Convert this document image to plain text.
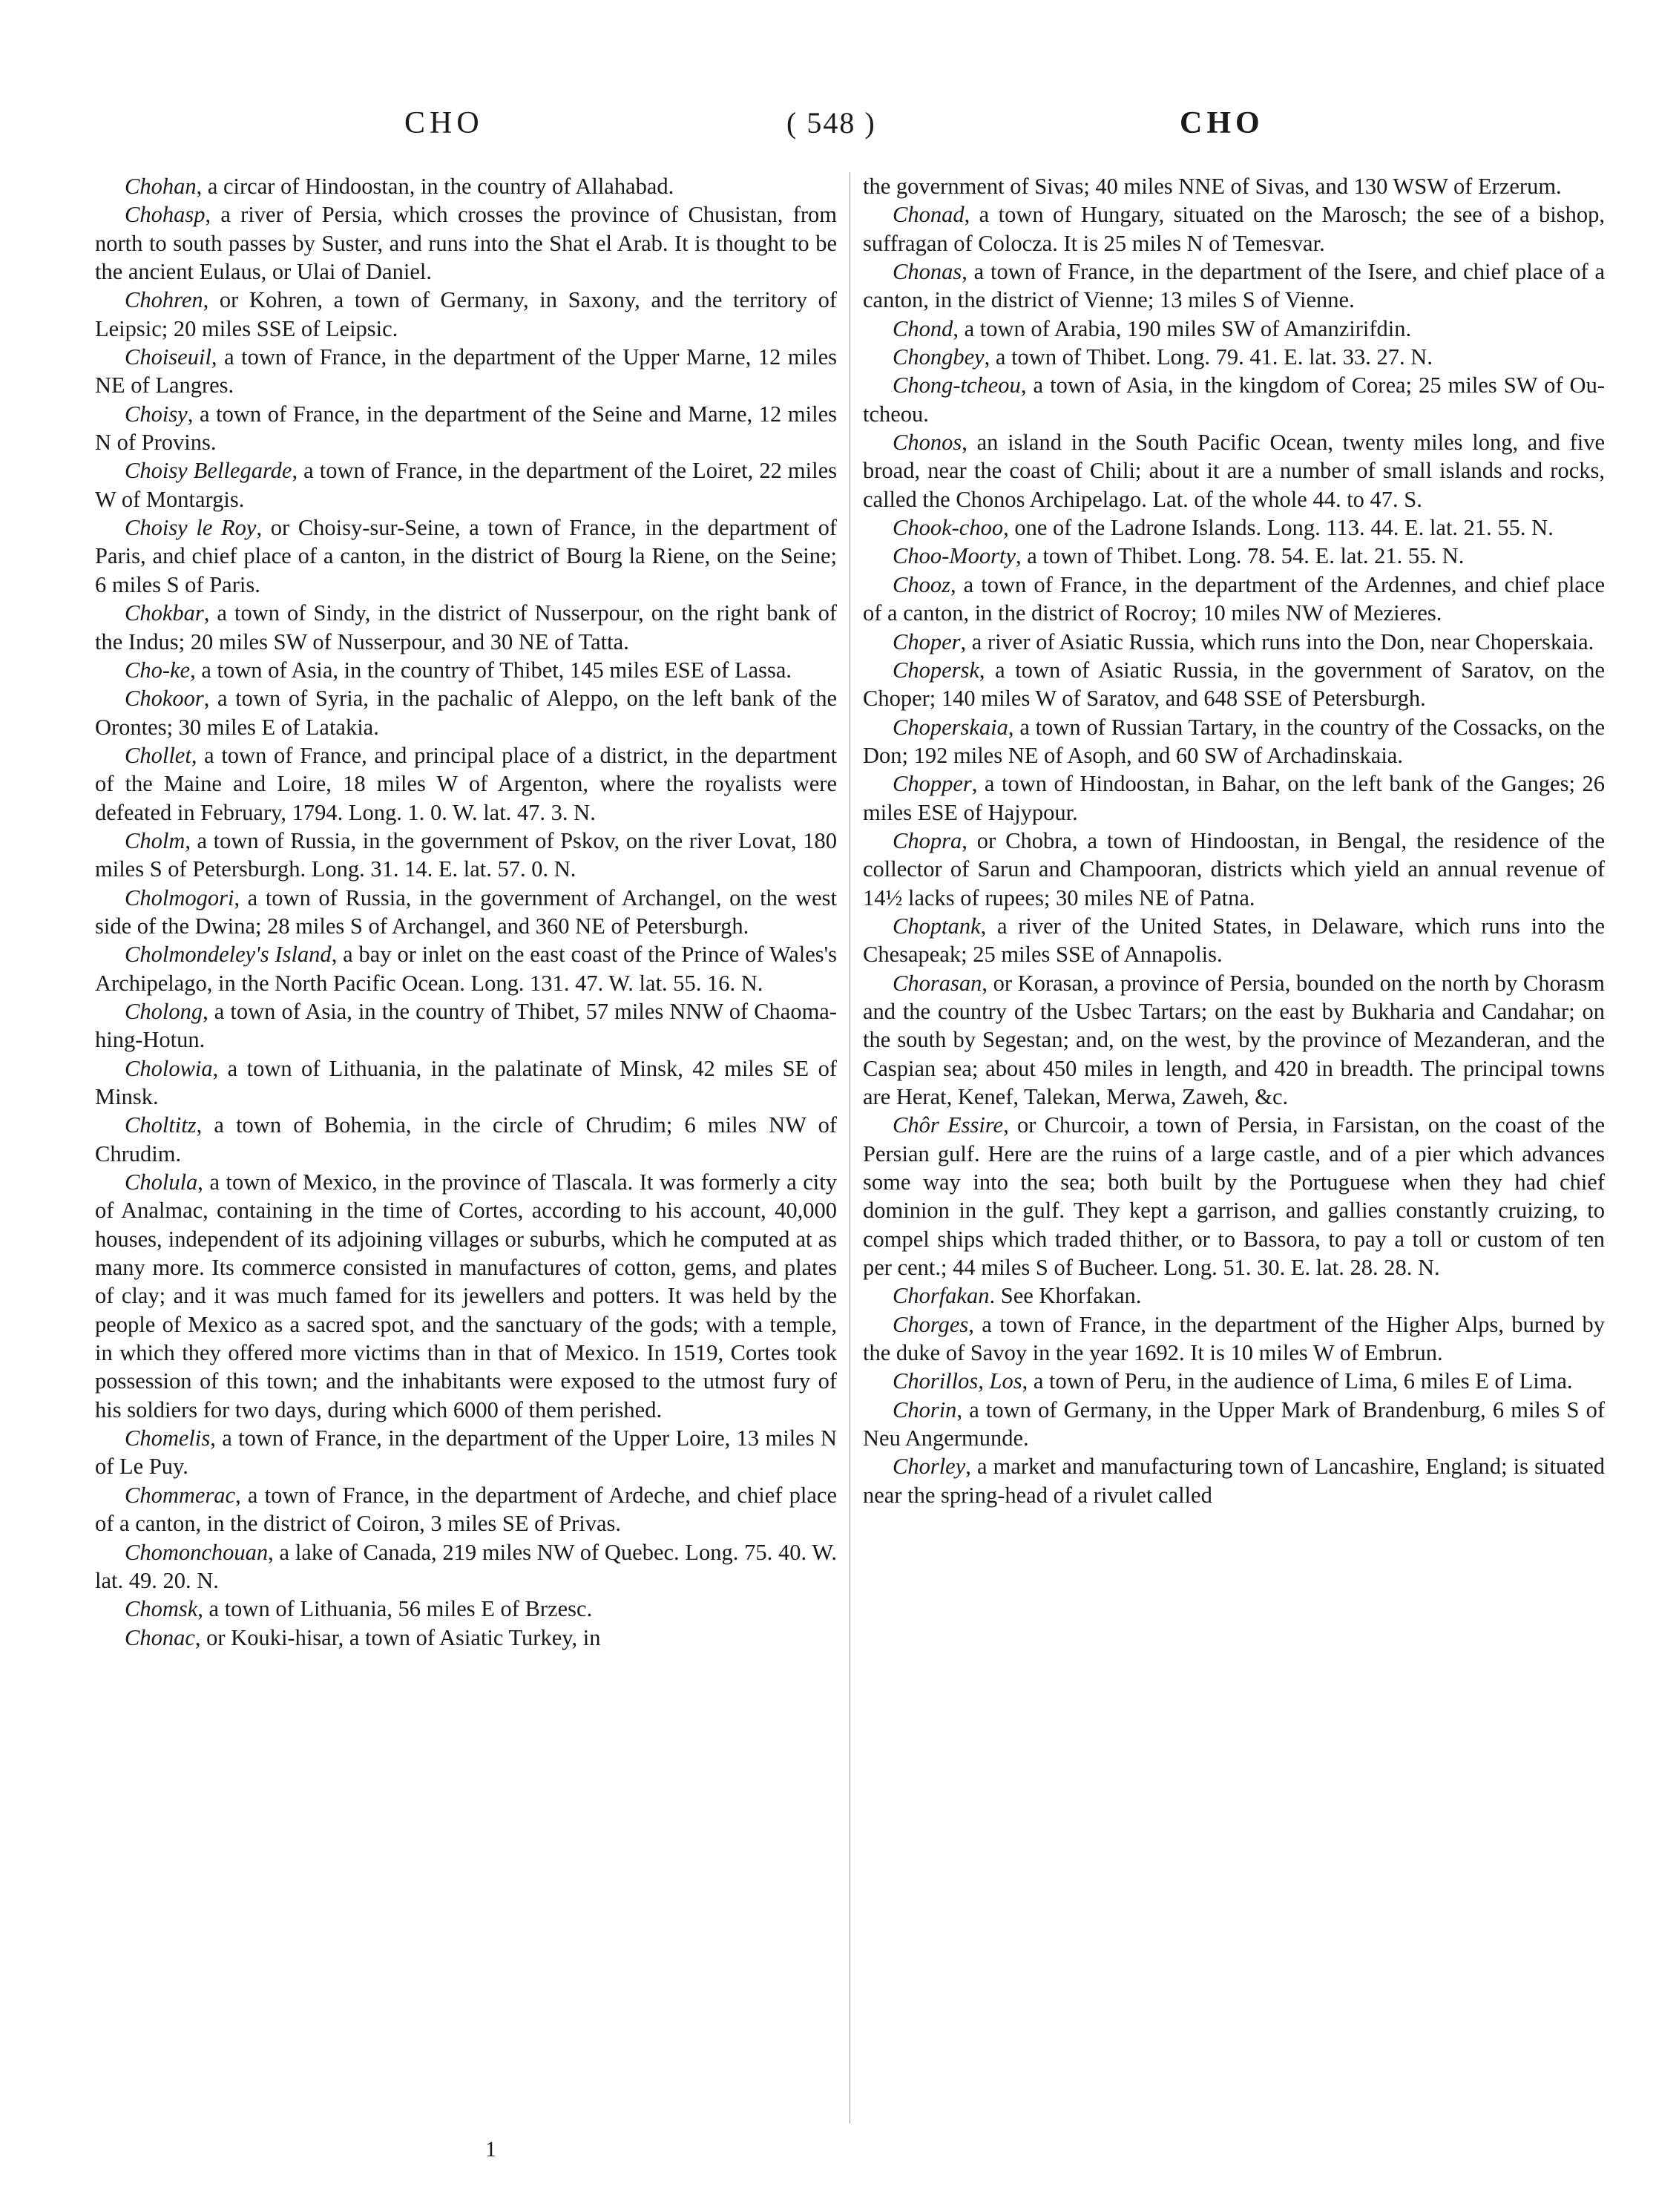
CHO	( 548 )	CHO

Chohan, a circar of Hindoostan, in the country of Allahabad.

Chohasp, a river of Persia, which crosses the province of Chusistan, from north to south passes by Suster, and runs into the Shat el Arab. It is thought to be the ancient Eulaus, or Ulai of Daniel.

Chohren, or Kohren, a town of Germany, in Saxony, and the territory of Leipsic; 20 miles SSE of Leipsic.

Choiseuil, a town of France, in the department of the Upper Marne, 12 miles NE of Langres.

Choisy, a town of France, in the department of the Seine and Marne, 12 miles N of Provins.

Choisy Bellegarde, a town of France, in the department of the Loiret, 22 miles W of Montargis.

Choisy le Roy, or Choisy-sur-Seine, a town of France, in the department of Paris, and chief place of a canton, in the district of Bourg la Riene, on the Seine; 6 miles S of Paris.

Chokbar, a town of Sindy, in the district of Nusserpour, on the right bank of the Indus; 20 miles SW of Nusserpour, and 30 NE of Tatta.

Cho-ke, a town of Asia, in the country of Thibet, 145 miles ESE of Lassa.

Chokoor, a town of Syria, in the pachalic of Aleppo, on the left bank of the Orontes; 30 miles E of Latakia.

Chollet, a town of France, and principal place of a district, in the department of the Maine and Loire, 18 miles W of Argenton, where the royalists were defeated in February, 1794. Long. 1. 0. W. lat. 47. 3. N.

Cholm, a town of Russia, in the government of Pskov, on the river Lovat, 180 miles S of Petersburgh. Long. 31. 14. E. lat. 57. 0. N.

Cholmogori, a town of Russia, in the government of Archangel, on the west side of the Dwina; 28 miles S of Archangel, and 360 NE of Petersburgh.

Cholmondeley's Island, a bay or inlet on the east coast of the Prince of Wales's Archipelago, in the North Pacific Ocean. Long. 131. 47. W. lat. 55. 16. N.

Cholong, a town of Asia, in the country of Thibet, 57 miles NNW of Chaoma-hing-Hotun.

Cholowia, a town of Lithuania, in the palatinate of Minsk, 42 miles SE of Minsk.

Choltitz, a town of Bohemia, in the circle of Chrudim; 6 miles NW of Chrudim.

Cholula, a town of Mexico, in the province of Tlascala. It was formerly a city of Analmac, containing in the time of Cortes, according to his account, 40,000 houses, independent of its adjoining villages or suburbs, which he computed at as many more. Its commerce consisted in manufactures of cotton, gems, and plates of clay; and it was much famed for its jewellers and potters. It was held by the people of Mexico as a sacred spot, and the sanctuary of the gods; with a temple, in which they offered more victims than in that of Mexico. In 1519, Cortes took possession of this town; and the inhabitants were exposed to the utmost fury of his soldiers for two days, during which 6000 of them perished.

Chomelis, a town of France, in the department of the Upper Loire, 13 miles N of Le Puy.

Chommerac, a town of France, in the department of Ardeche, and chief place of a canton, in the district of Coiron, 3 miles SE of Privas.

Chomonchouan, a lake of Canada, 219 miles NW of Quebec. Long. 75. 40. W. lat. 49. 20. N.

Chomsk, a town of Lithuania, 56 miles E of Brzesc.

Chonac, or Kouki-hisar, a town of Asiatic Turkey, in

the government of Sivas; 40 miles NNE of Sivas, and 130 WSW of Erzerum.

Chonad, a town of Hungary, situated on the Marosch; the see of a bishop, suffragan of Colocza. It is 25 miles N of Temesvar.

Chonas, a town of France, in the department of the Isere, and chief place of a canton, in the district of Vienne; 13 miles S of Vienne.

Chond, a town of Arabia, 190 miles SW of Amanzirifdin.

Chongbey, a town of Thibet. Long. 79. 41. E. lat. 33. 27. N.

Chong-tcheou, a town of Asia, in the kingdom of Corea; 25 miles SW of Ou-tcheou.

Chonos, an island in the South Pacific Ocean, twenty miles long, and five broad, near the coast of Chili; about it are a number of small islands and rocks, called the Chonos Archipelago. Lat. of the whole 44. to 47. S.

Chook-choo, one of the Ladrone Islands. Long. 113. 44. E. lat. 21. 55. N.

Choo-Moorty, a town of Thibet. Long. 78. 54. E. lat. 21. 55. N.

Chooz, a town of France, in the department of the Ardennes, and chief place of a canton, in the district of Rocroy; 10 miles NW of Mezieres.

Choper, a river of Asiatic Russia, which runs into the Don, near Choperskaia.

Chopersk, a town of Asiatic Russia, in the government of Saratov, on the Choper; 140 miles W of Saratov, and 648 SSE of Petersburgh.

Choperskaia, a town of Russian Tartary, in the country of the Cossacks, on the Don; 192 miles NE of Asoph, and 60 SW of Archadinskaia.

Chopper, a town of Hindoostan, in Bahar, on the left bank of the Ganges; 26 miles ESE of Hajypour.

Chopra, or Chobra, a town of Hindoostan, in Bengal, the residence of the collector of Sarun and Champooran, districts which yield an annual revenue of 14½ lacks of rupees; 30 miles NE of Patna.

Choptank, a river of the United States, in Delaware, which runs into the Chesapeak; 25 miles SSE of Annapolis.

Chorasan, or Korasan, a province of Persia, bounded on the north by Chorasm and the country of the Usbec Tartars; on the east by Bukharia and Candahar; on the south by Segestan; and, on the west, by the province of Mezanderan, and the Caspian sea; about 450 miles in length, and 420 in breadth. The principal towns are Herat, Kenef, Talekan, Merwa, Zaweh, &c.

Chôr Essire, or Churcoir, a town of Persia, in Farsistan, on the coast of the Persian gulf. Here are the ruins of a large castle, and of a pier which advances some way into the sea; both built by the Portuguese when they had chief dominion in the gulf. They kept a garrison, and gallies constantly cruizing, to compel ships which traded thither, or to Bassora, to pay a toll or custom of ten per cent.; 44 miles S of Bucheer. Long. 51. 30. E. lat. 28. 28. N.

Chorfakan. See Khorfakan.

Chorges, a town of France, in the department of the Higher Alps, burned by the duke of Savoy in the year 1692. It is 10 miles W of Embrun.

Chorillos, Los, a town of Peru, in the audience of Lima, 6 miles E of Lima.

Chorin, a town of Germany, in the Upper Mark of Brandenburg, 6 miles S of Neu Angermunde.

Chorley, a market and manufacturing town of Lancashire, England; is situated near the spring-head of a rivulet called

1
